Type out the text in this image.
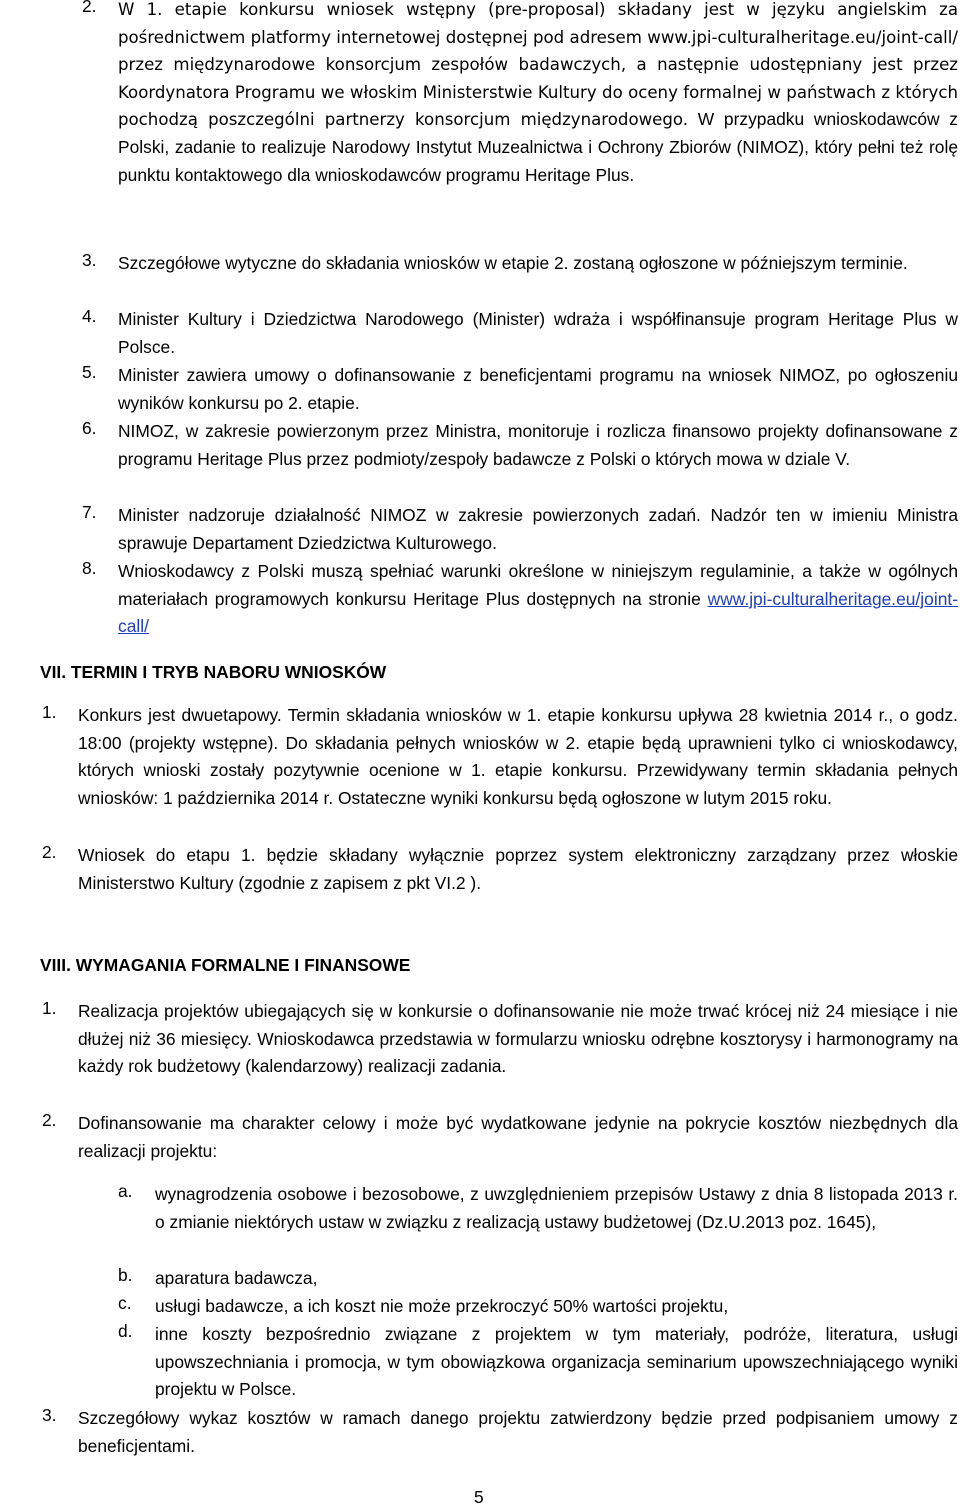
2. W 1. etapie konkursu wniosek wstępny (pre-proposal) składany jest w języku angielskim za pośrednictwem platformy internetowej dostępnej pod adresem www.jpi-culturalheritage.eu/joint-call/ przez międzynarodowe konsorcjum zespołów badawczych, a następnie udostępniany jest przez Koordynatora Programu we włoskim Ministerstwie Kultury do oceny formalnej w państwach z których pochodzą poszczególni partnerzy konsorcjum międzynarodowego. W przypadku wnioskodawców z Polski, zadanie to realizuje Narodowy Instytut Muzealnictwa i Ochrony Zbiorów (NIMOZ), który pełni też rolę punktu kontaktowego dla wnioskodawców programu Heritage Plus.
3. Szczegółowe wytyczne do składania wniosków w etapie 2. zostaną ogłoszone w późniejszym terminie.
4. Minister Kultury i Dziedzictwa Narodowego (Minister) wdraża i współfinansuje program Heritage Plus w Polsce.
5. Minister zawiera umowy o dofinansowanie z beneficjentami programu na wniosek NIMOZ, po ogłoszeniu wyników konkursu po 2. etapie.
6. NIMOZ, w zakresie powierzonym przez Ministra, monitoruje i rozlicza finansowo projekty dofinansowane z programu Heritage Plus przez podmioty/zespoły badawcze z Polski o których mowa w dziale V.
7. Minister nadzoruje działalność NIMOZ w zakresie powierzonych zadań. Nadzór ten w imieniu Ministra sprawuje Departament Dziedzictwa Kulturowego.
8. Wnioskodawcy z Polski muszą spełniać warunki określone w niniejszym regulaminie, a także w ogólnych materiałach programowych konkursu Heritage Plus dostępnych na stronie www.jpi-culturalheritage.eu/joint-call/
VII. TERMIN I TRYB NABORU WNIOSKÓW
1. Konkurs jest dwuetapowy. Termin składania wniosków w 1. etapie konkursu upływa 28 kwietnia 2014 r., o godz. 18:00 (projekty wstępne). Do składania pełnych wniosków w 2. etapie będą uprawnieni tylko ci wnioskodawcy, których wnioski zostały pozytywnie ocenione w 1. etapie konkursu. Przewidywany termin składania pełnych wniosków: 1 października 2014 r. Ostateczne wyniki konkursu będą ogłoszone w lutym 2015 roku.
2. Wniosek do etapu 1. będzie składany wyłącznie poprzez system elektroniczny zarządzany przez włoskie Ministerstwo Kultury (zgodnie z zapisem z pkt VI.2 ).
VIII. WYMAGANIA FORMALNE I FINANSOWE
1. Realizacja projektów ubiegających się w konkursie o dofinansowanie nie może trwać krócej niż 24 miesiące i nie dłużej niż 36 miesięcy. Wnioskodawca przedstawia w formularzu wniosku odrębne kosztorysy i harmonogramy na każdy rok budżetowy (kalendarzowy) realizacji zadania.
2. Dofinansowanie ma charakter celowy i może być wydatkowane jedynie na pokrycie kosztów niezbędnych dla realizacji projektu:
a. wynagrodzenia osobowe i bezosobowe, z uwzględnieniem przepisów Ustawy z dnia 8 listopada 2013 r. o zmianie niektórych ustaw w związku z realizacją ustawy budżetowej (Dz.U.2013 poz. 1645),
b. aparatura badawcza,
c. usługi badawcze, a ich koszt nie może przekroczyć 50% wartości projektu,
d. inne koszty bezpośrednio związane z projektem w tym materiały, podróże, literatura, usługi upowszechniania i promocja, w tym obowiązkowa organizacja seminarium upowszechniającego wyniki projektu w Polsce.
3. Szczegółowy wykaz kosztów w ramach danego projektu zatwierdzony będzie przed podpisaniem umowy z beneficjentami.
5
